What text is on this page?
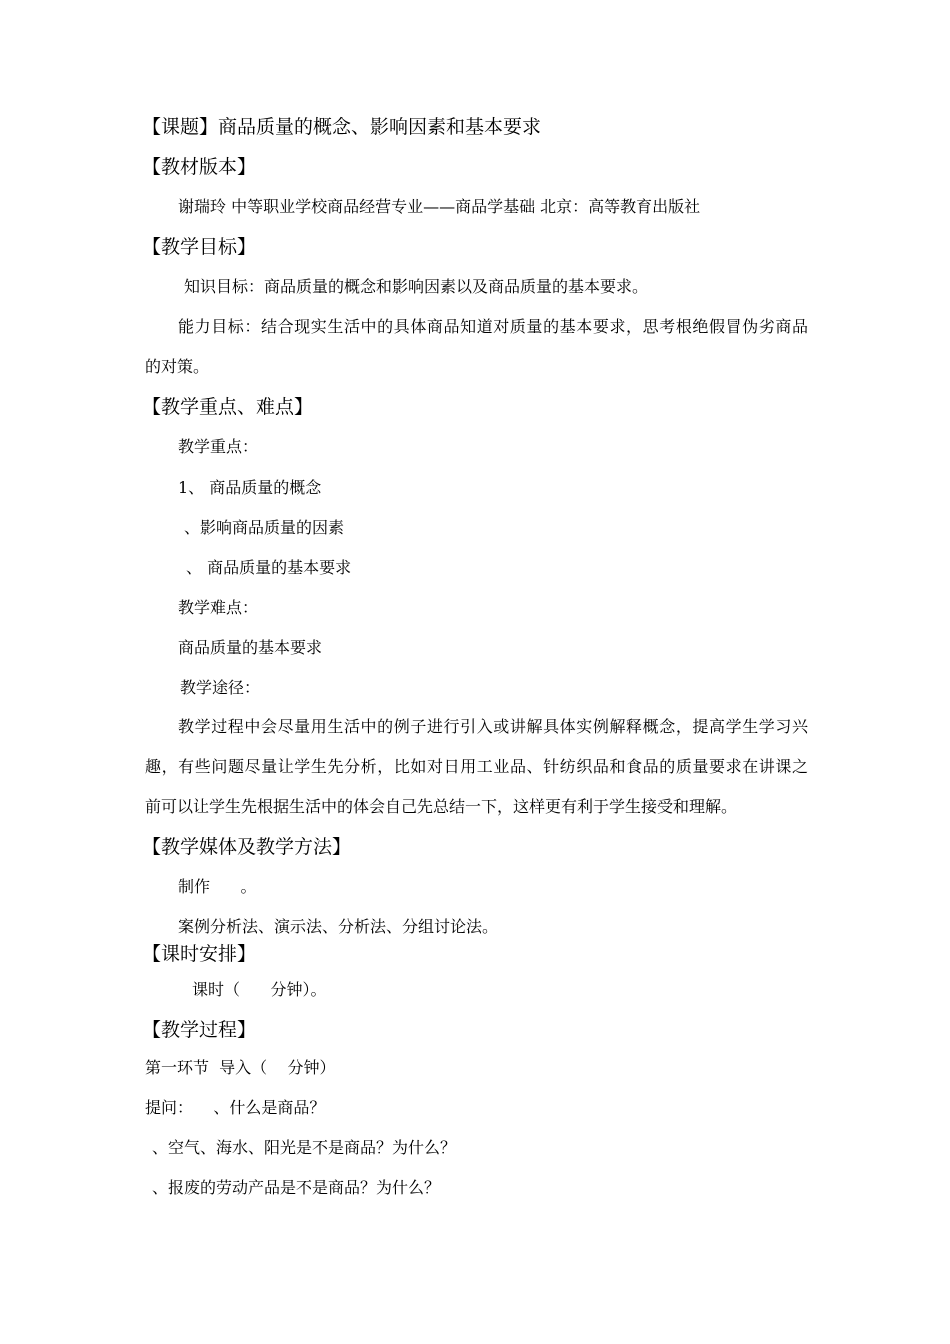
【课题】商品质量的概念、影响因素和基本要求
【教材版本】
谢瑞玲 中等职业学校商品经营专业——商品学基础 北京：高等教育出版社
【教学目标】
知识目标：商品质量的概念和影响因素以及商品质量的基本要求。
能力目标：结合现实生活中的具体商品知道对质量的基本要求，思考根绝假冒伪劣商品
的对策。
【教学重点、难点】
教学重点：
1、 商品质量的概念
、影响商品质量的因素
、 商品质量的基本要求
教学难点：
商品质量的基本要求
教学途径：
教学过程中会尽量用生活中的例子进行引入或讲解具体实例解释概念，提高学生学习兴
趣，有些问题尽量让学生先分析，比如对日用工业品、针纺织品和食品的质量要求在讲课之
前可以让学生先根据生活中的体会自己先总结一下，这样更有利于学生接受和理解。
【教学媒体及教学方法】
制作      。
案例分析法、演示法、分析法、分组讨论法。
【课时安排】
课时（      分钟）。
【教学过程】
第一环节  导入（    分钟）
提问：    、什么是商品？
、空气、海水、阳光是不是商品？为什么？
、报废的劳动产品是不是商品？为什么？
